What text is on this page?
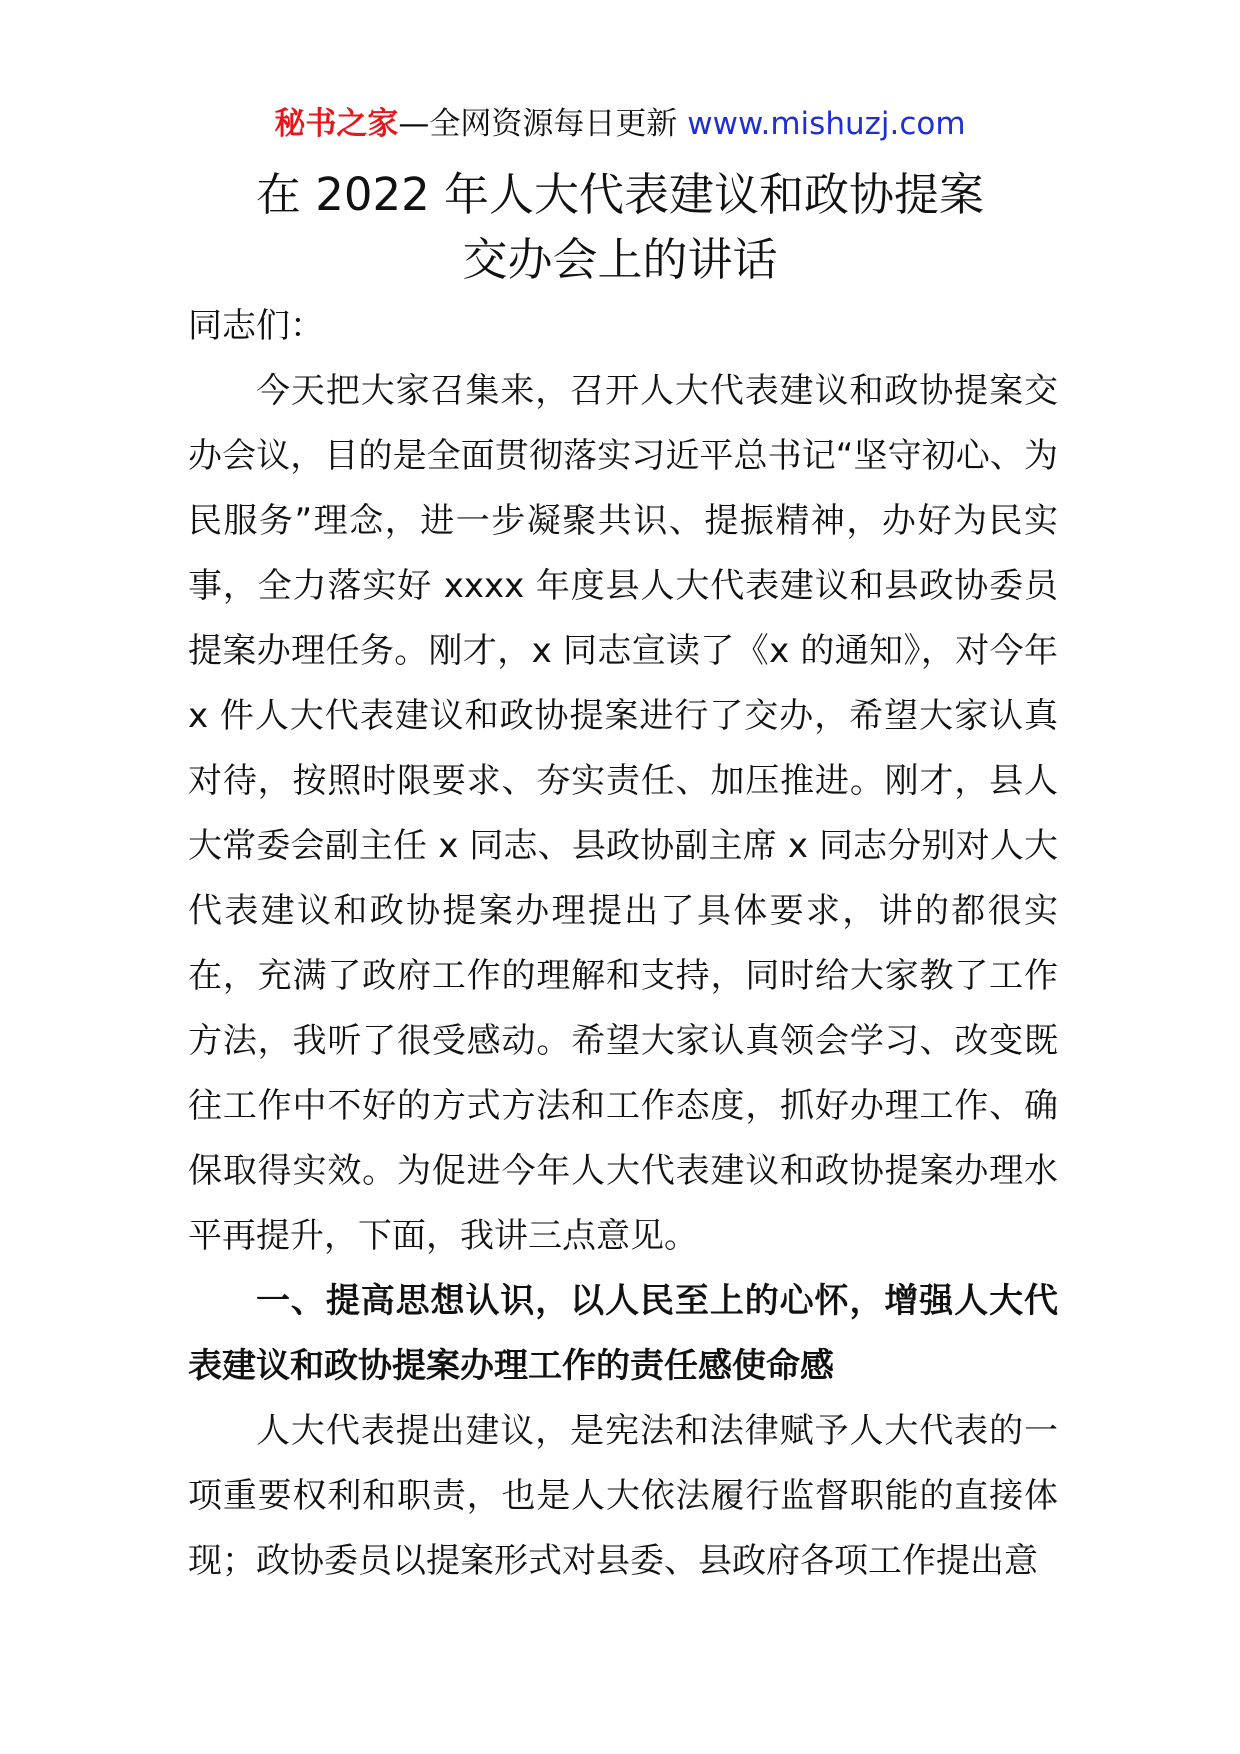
秘书之家—全网资源每日更新 www.mishuzj.com
在 2022 年人大代表建议和政协提案
交办会上的讲话

同志们：

今天把大家召集来，召开人大代表建议和政协提案交办会议，目的是全面贯彻落实习近平总书记“坚守初心、为民服务”理念，进一步凝聚共识、提振精神，办好为民实事，全力落实好 xxxx 年度县人大代表建议和县政协委员提案办理任务。刚才，x 同志宣读了《x 的通知》，对今年 x 件人大代表建议和政协提案进行了交办，希望大家认真对待，按照时限要求、夯实责任、加压推进。刚才，县人大常委会副主任 x 同志、县政协副主席 x 同志分别对人大代表建议和政协提案办理提出了具体要求，讲的都很实在，充满了政府工作的理解和支持，同时给大家教了工作方法，我听了很受感动。希望大家认真领会学习、改变既往工作中不好的方式方法和工作态度，抓好办理工作、确保取得实效。为促进今年人大代表建议和政协提案办理水平再提升，下面，我讲三点意见。

一、提高思想认识，以人民至上的心怀，增强人大代表建议和政协提案办理工作的责任感使命感

人大代表提出建议，是宪法和法律赋予人大代表的一项重要权利和职责，也是人大依法履行监督职能的直接体现；政协委员以提案形式对县委、县政府各项工作提出意
